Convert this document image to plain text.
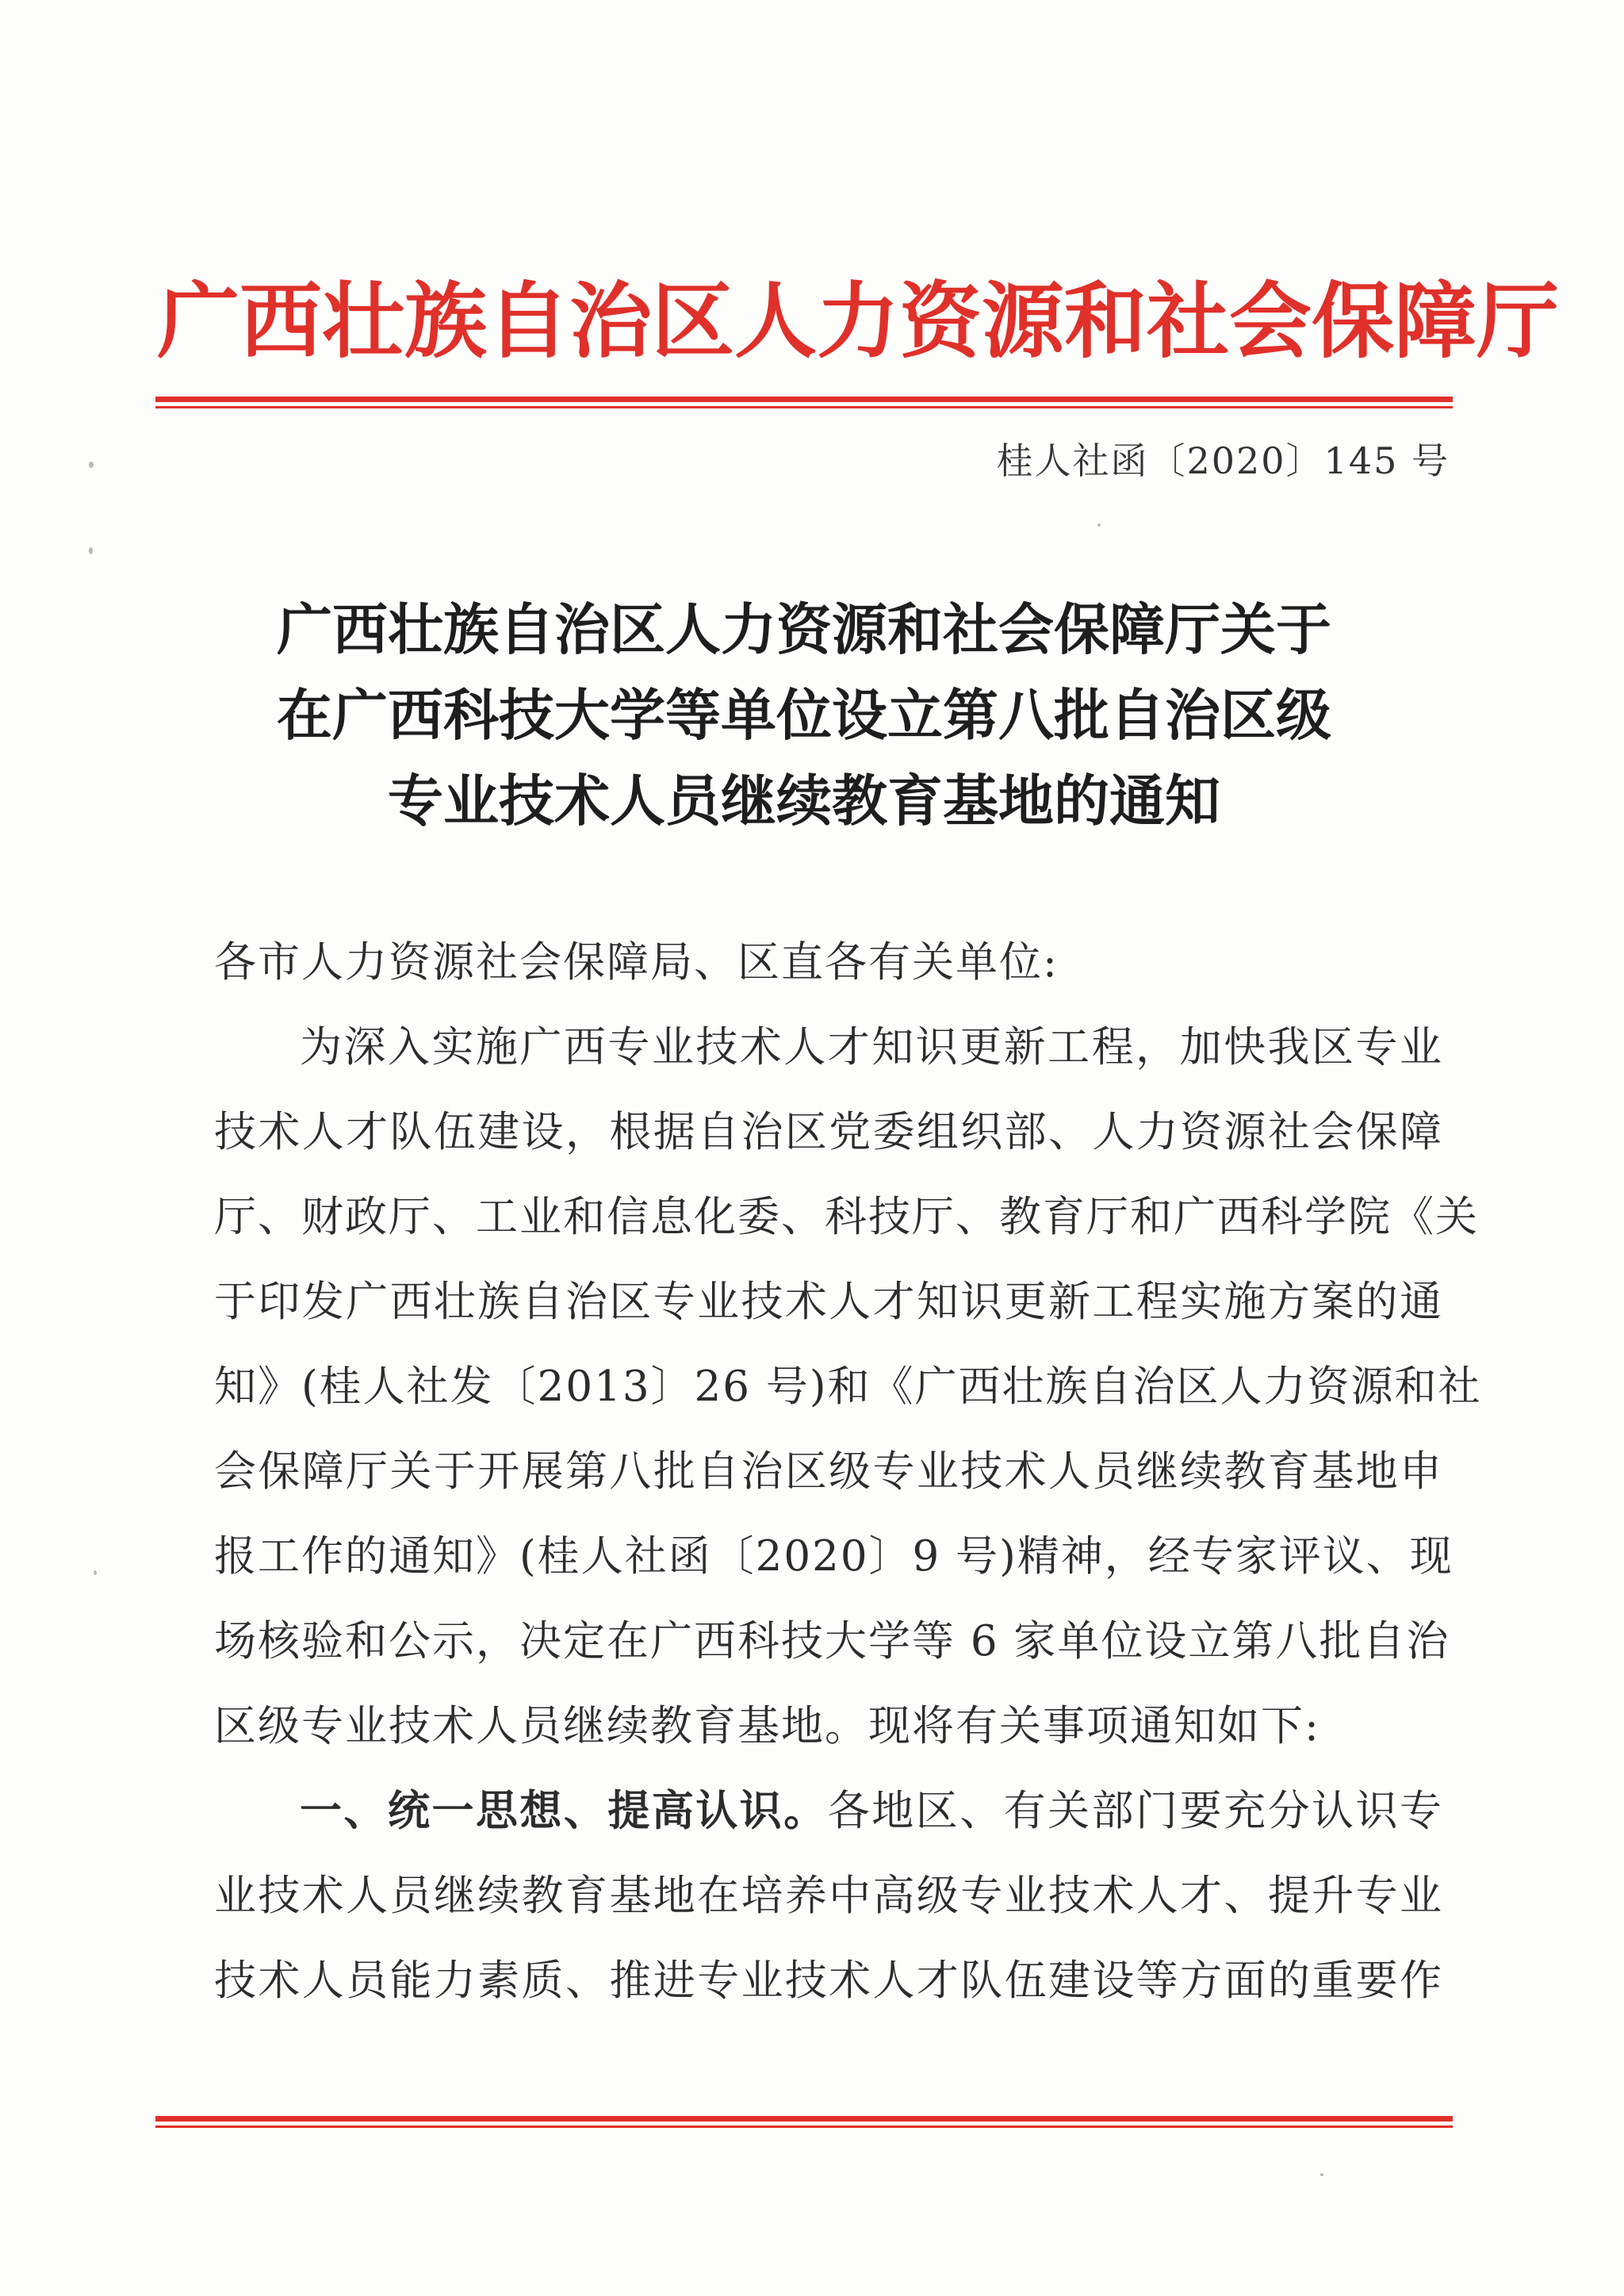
广西壮族自治区人力资源和社会保障厅
桂人社函〔2020〕145 号
广西壮族自治区人力资源和社会保障厅关于
在广西科技大学等单位设立第八批自治区级
专业技术人员继续教育基地的通知
各市人力资源社会保障局、区直各有关单位:
为深入实施广西专业技术人才知识更新工程，加快我区专业
技术人才队伍建设，根据自治区党委组织部、人力资源社会保障
厅、财政厅、工业和信息化委、科技厅、教育厅和广西科学院《关
于印发广西壮族自治区专业技术人才知识更新工程实施方案的通
知》(桂人社发〔2013〕26 号)和《广西壮族自治区人力资源和社
会保障厅关于开展第八批自治区级专业技术人员继续教育基地申
报工作的通知》(桂人社函〔2020〕9 号)精神，经专家评议、现
场核验和公示，决定在广西科技大学等 6 家单位设立第八批自治
区级专业技术人员继续教育基地。现将有关事项通知如下:
一、统一思想、提高认识。各地区、有关部门要充分认识专
业技术人员继续教育基地在培养中高级专业技术人才、提升专业
技术人员能力素质、推进专业技术人才队伍建设等方面的重要作
